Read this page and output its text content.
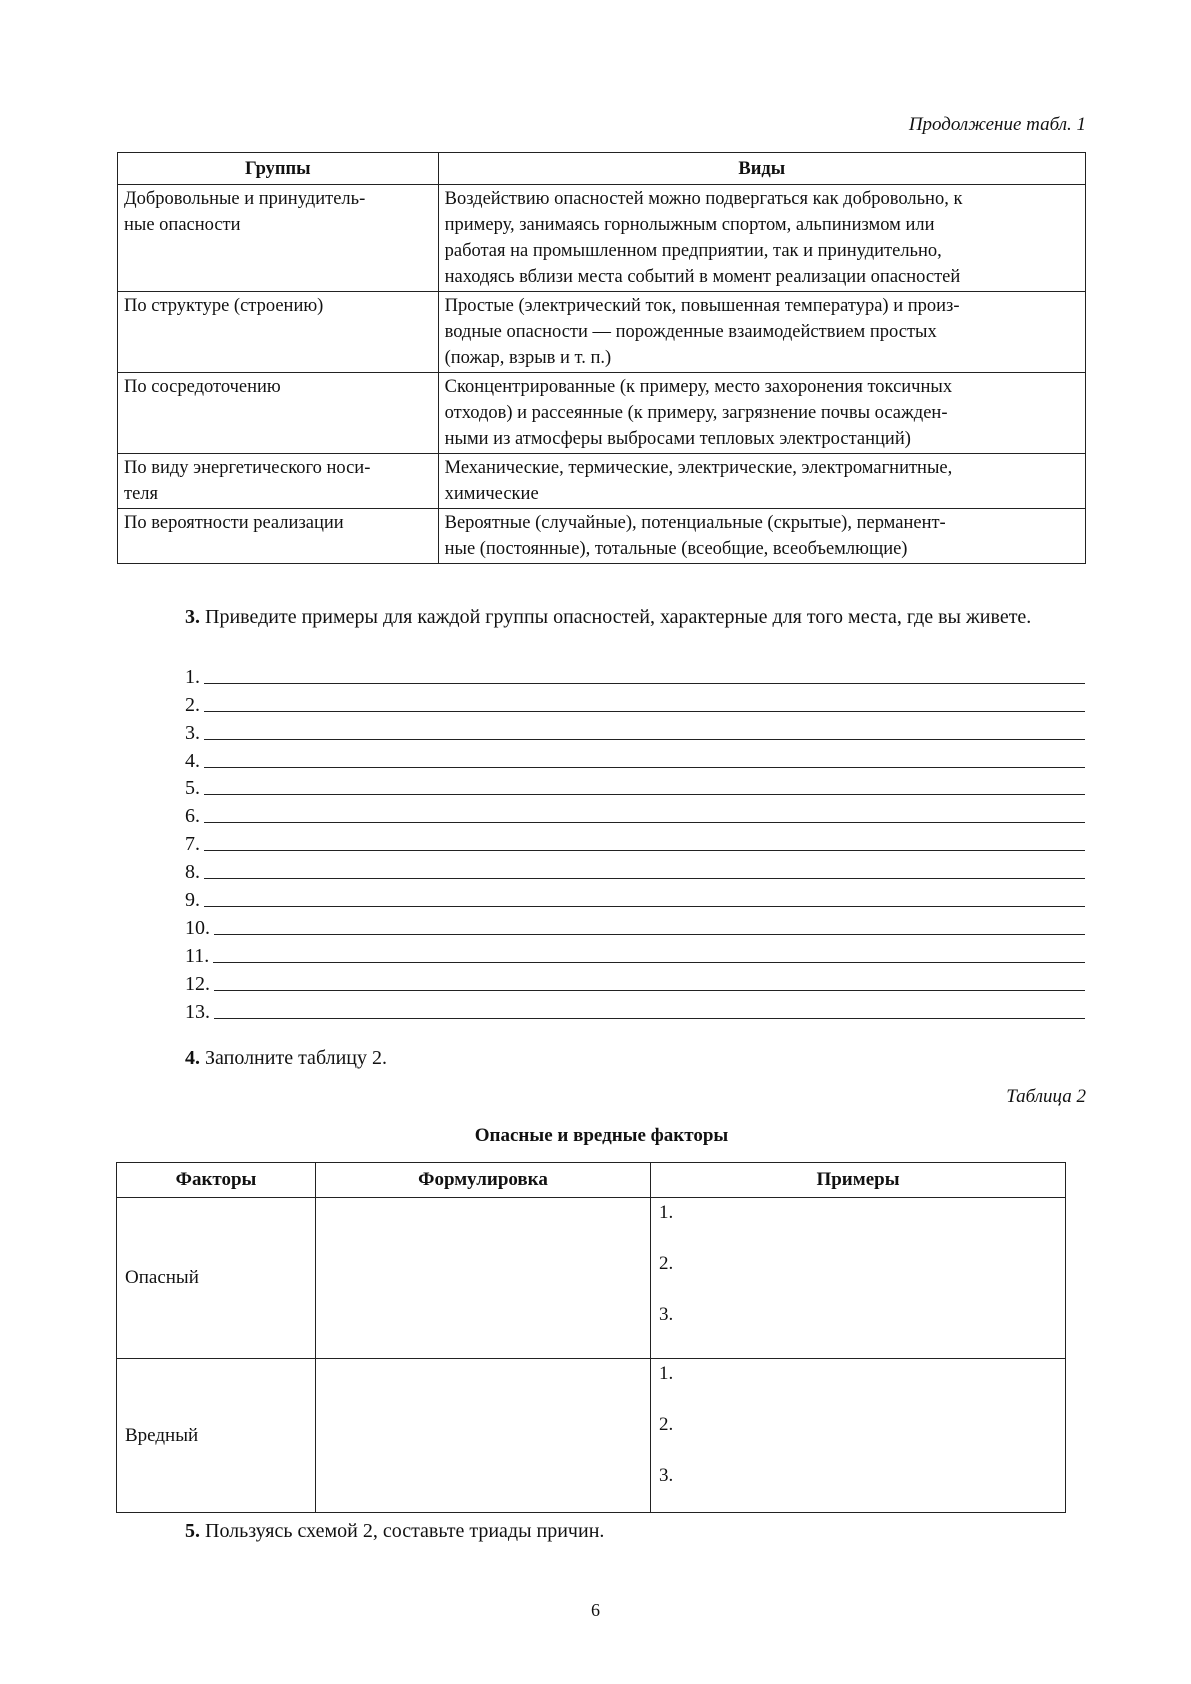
Продолжение табл. 1
Группы	Виды
Добровольные и принудитель-
ные опасности	Воздействию опасностей можно подвергаться как добровольно, к
примеру, занимаясь горнолыжным спортом, альпинизмом или
работая на промышленном предприятии, так и принудительно,
находясь вблизи места событий в момент реализации опасностей
По структуре (строению)	Простые (электрический ток, повышенная температура) и произ-
водные опасности — порожденные взаимодействием простых
(пожар, взрыв и т. п.)
По сосредоточению	Сконцентрированные (к примеру, место захоронения токсичных
отходов) и рассеянные (к примеру, загрязнение почвы осажден-
ными из атмосферы выбросами тепловых электростанций)
По виду энергетического носи-
теля	Механические, термические, электрические, электромагнитные,
химические
По вероятности реализации	Вероятные (случайные), потенциальные (скрытые), перманент-
ные (постоянные), тотальные (всеобщие, всеобъемлющие)
3. Приведите примеры для каждой группы опасностей, характерные для того места, где вы живете.
1.
2.
3.
4.
5.
6.
7.
8.
9.
10.
11.
12.
13.
4. Заполните таблицу 2.
Таблица 2
Опасные и вредные факторы
Факторы	Формулировка	Примеры
Опасный		1.
2.
3.

Вредный		1.
2.
3.
5. Пользуясь схемой 2, составьте триады причин.
6
